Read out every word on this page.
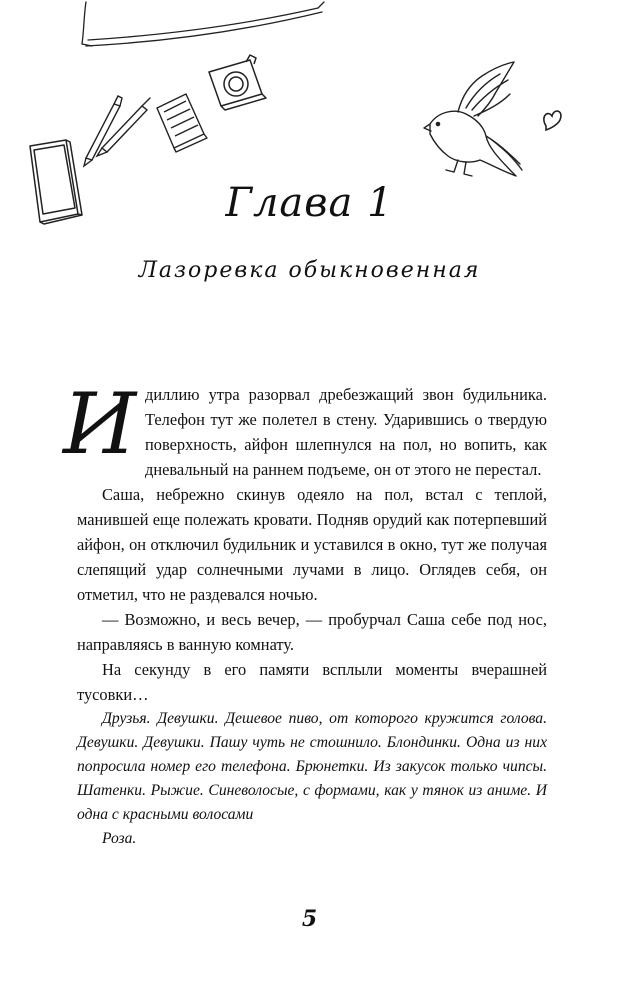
Глава 1
Лазоревка обыкновенная

Идиллию утра разорвал дребезжащий звон будильника. Телефон тут же полетел в стену. Ударившись о твердую поверхность, айфон шлепнулся на пол, но вопить, как дневальный на раннем подъеме, он от этого не перестал.

Саша, небрежно скинув одеяло на пол, встал с теплой, манившей еще полежать кровати. Подняв орудий как потерпевший айфон, он отключил будильник и уставился в окно, тут же получая слепящий удар солнечными лучами в лицо. Оглядев себя, он отметил, что не раздевался ночью.

— Возможно, и весь вечер, — пробурчал Саша себе под нос, направляясь в ванную комнату.

На секунду в его памяти всплыли моменты вчерашней тусовки…

Друзья. Девушки. Дешевое пиво, от которого кружится голова. Девушки. Девушки. Пашу чуть не стошнило. Блондинки. Одна из них попросила номер его телефона. Брюнетки. Из закусок только чипсы. Шатенки. Рыжие. Синеволосые, с формами, как у тянок из аниме. И одна с красными волосами

Роза.

5
